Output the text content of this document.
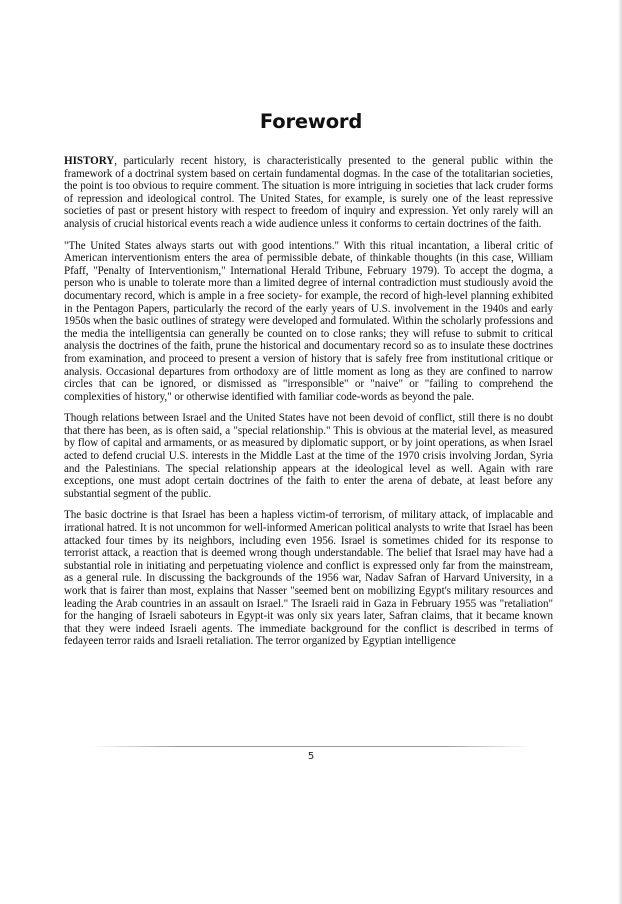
Foreword

HISTORY, particularly recent history, is characteristically presented to the general public within the framework of a doctrinal system based on certain fundamental dogmas. In the case of the totalitarian societies, the point is too obvious to require comment. The situation is more intriguing in societies that lack cruder forms of repression and ideological control. The United States, for example, is surely one of the least repressive societies of past or present history with respect to freedom of inquiry and expression. Yet only rarely will an analysis of crucial historical events reach a wide audience unless it conforms to certain doctrines of the faith.

"The United States always starts out with good intentions." With this ritual incantation, a liberal critic of American interventionism enters the area of permissible debate, of thinkable thoughts (in this case, William Pfaff, "Penalty of Interventionism," International Herald Tribune, February 1979). To accept the dogma, a person who is unable to tolerate more than a limited degree of internal contradiction must studiously avoid the documentary record, which is ample in a free society- for example, the record of high-level planning exhibited in the Pentagon Papers, particularly the record of the early years of U.S. involvement in the 1940s and early 1950s when the basic outlines of strategy were developed and formulated. Within the scholarly professions and the media the intelligentsia can generally be counted on to close ranks; they will refuse to submit to critical analysis the doctrines of the faith, prune the historical and documentary record so as to insulate these doctrines from examination, and proceed to present a version of history that is safely free from institutional critique or analysis. Occasional departures from orthodoxy are of little moment as long as they are confined to narrow circles that can be ignored, or dismissed as "irresponsible" or "naive" or "failing to comprehend the complexities of history," or otherwise identified with familiar code-words as beyond the pale.

Though relations between Israel and the United States have not been devoid of conflict, still there is no doubt that there has been, as is often said, a "special relationship." This is obvious at the material level, as measured by flow of capital and armaments, or as measured by diplomatic support, or by joint operations, as when Israel acted to defend crucial U.S. interests in the Middle Last at the time of the 1970 crisis involving Jordan, Syria and the Palestinians. The special relationship appears at the ideological level as well. Again with rare exceptions, one must adopt certain doctrines of the faith to enter the arena of debate, at least before any substantial segment of the public.

The basic doctrine is that Israel has been a hapless victim-of terrorism, of military attack, of implacable and irrational hatred. It is not uncommon for well-informed American political analysts to write that Israel has been attacked four times by its neighbors, including even 1956. Israel is sometimes chided for its response to terrorist attack, a reaction that is deemed wrong though understandable. The belief that Israel may have had a substantial role in initiating and perpetuating violence and conflict is expressed only far from the mainstream, as a general rule. In discussing the backgrounds of the 1956 war, Nadav Safran of Harvard University, in a work that is fairer than most, explains that Nasser "seemed bent on mobilizing Egypt's military resources and leading the Arab countries in an assault on Israel." The Israeli raid in Gaza in February 1955 was "retaliation" for the hanging of Israeli saboteurs in Egypt-it was only six years later, Safran claims, that it became known that they were indeed Israeli agents. The immediate background for the conflict is described in terms of fedayeen terror raids and Israeli retaliation. The terror organized by Egyptian intelligence

5
